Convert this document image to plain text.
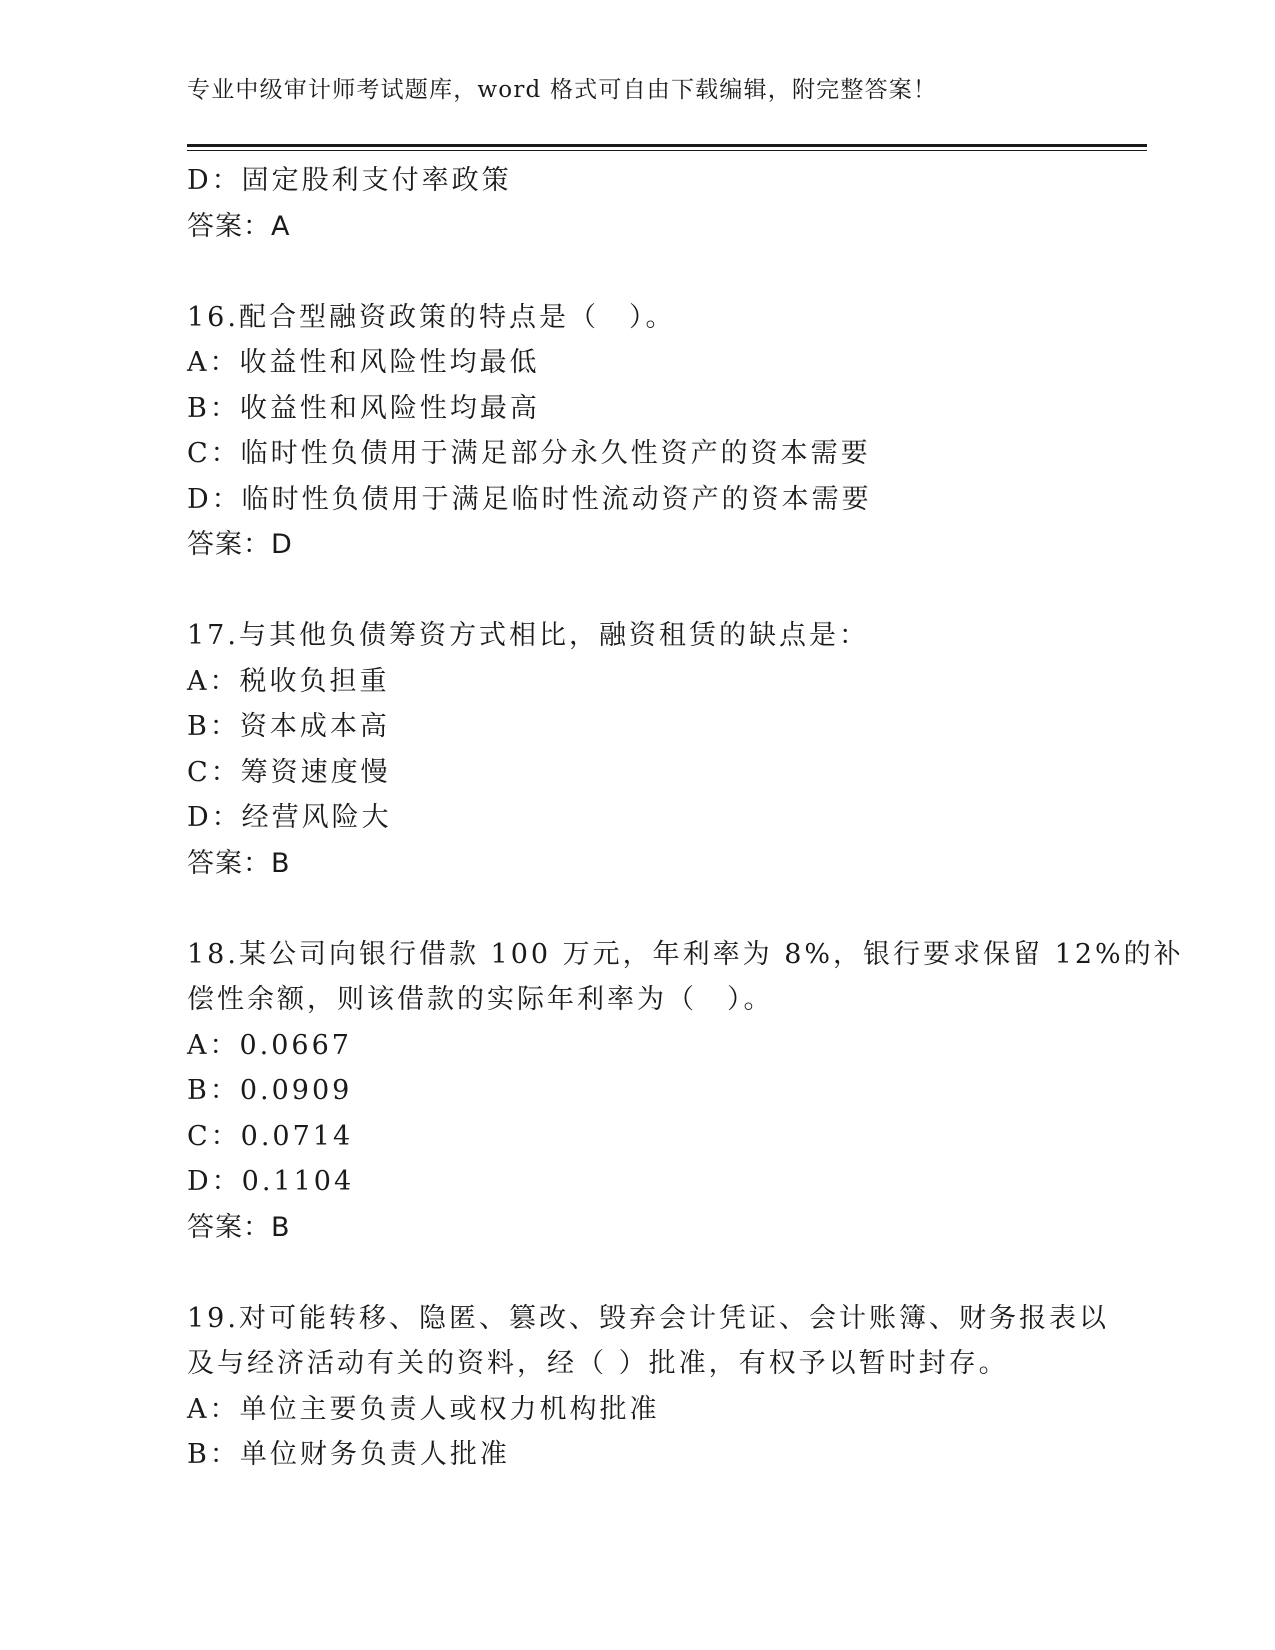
专业中级审计师考试题库，word 格式可自由下载编辑，附完整答案！

D：固定股利支付率政策

答案：A

16.配合型融资政策的特点是（　）。

A：收益性和风险性均最低

B：收益性和风险性均最高

C：临时性负债用于满足部分永久性资产的资本需要

D：临时性负债用于满足临时性流动资产的资本需要

答案：D

17.与其他负债筹资方式相比，融资租赁的缺点是：

A：税收负担重

B：资本成本高

C：筹资速度慢

D：经营风险大

答案：B

18.某公司向银行借款 100 万元，年利率为 8%，银行要求保留 12%的补

偿性余额，则该借款的实际年利率为（　）。

A：0.0667

B：0.0909

C：0.0714

D：0.1104

答案：B

19.对可能转移、隐匿、篡改、毁弃会计凭证、会计账簿、财务报表以

及与经济活动有关的资料，经（ ）批准，有权予以暂时封存。

A：单位主要负责人或权力机构批准

B：单位财务负责人批准
